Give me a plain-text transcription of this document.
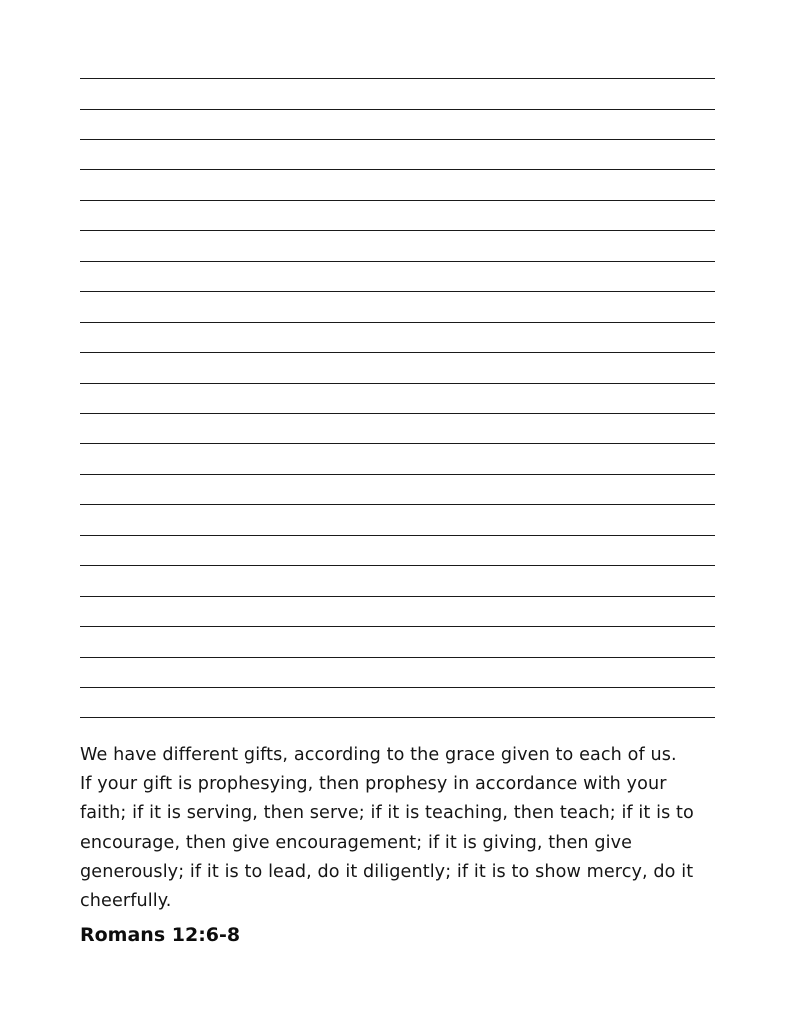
We have different gifts, according to the grace given to each of us.
If your gift is prophesying, then prophesy in accordance with your
faith; if it is serving, then serve; if it is teaching, then teach; if it is to
encourage, then give encouragement; if it is giving, then give
generously; if it is to lead, do it diligently; if it is to show mercy, do it
cheerfully.

Romans 12:6-8
